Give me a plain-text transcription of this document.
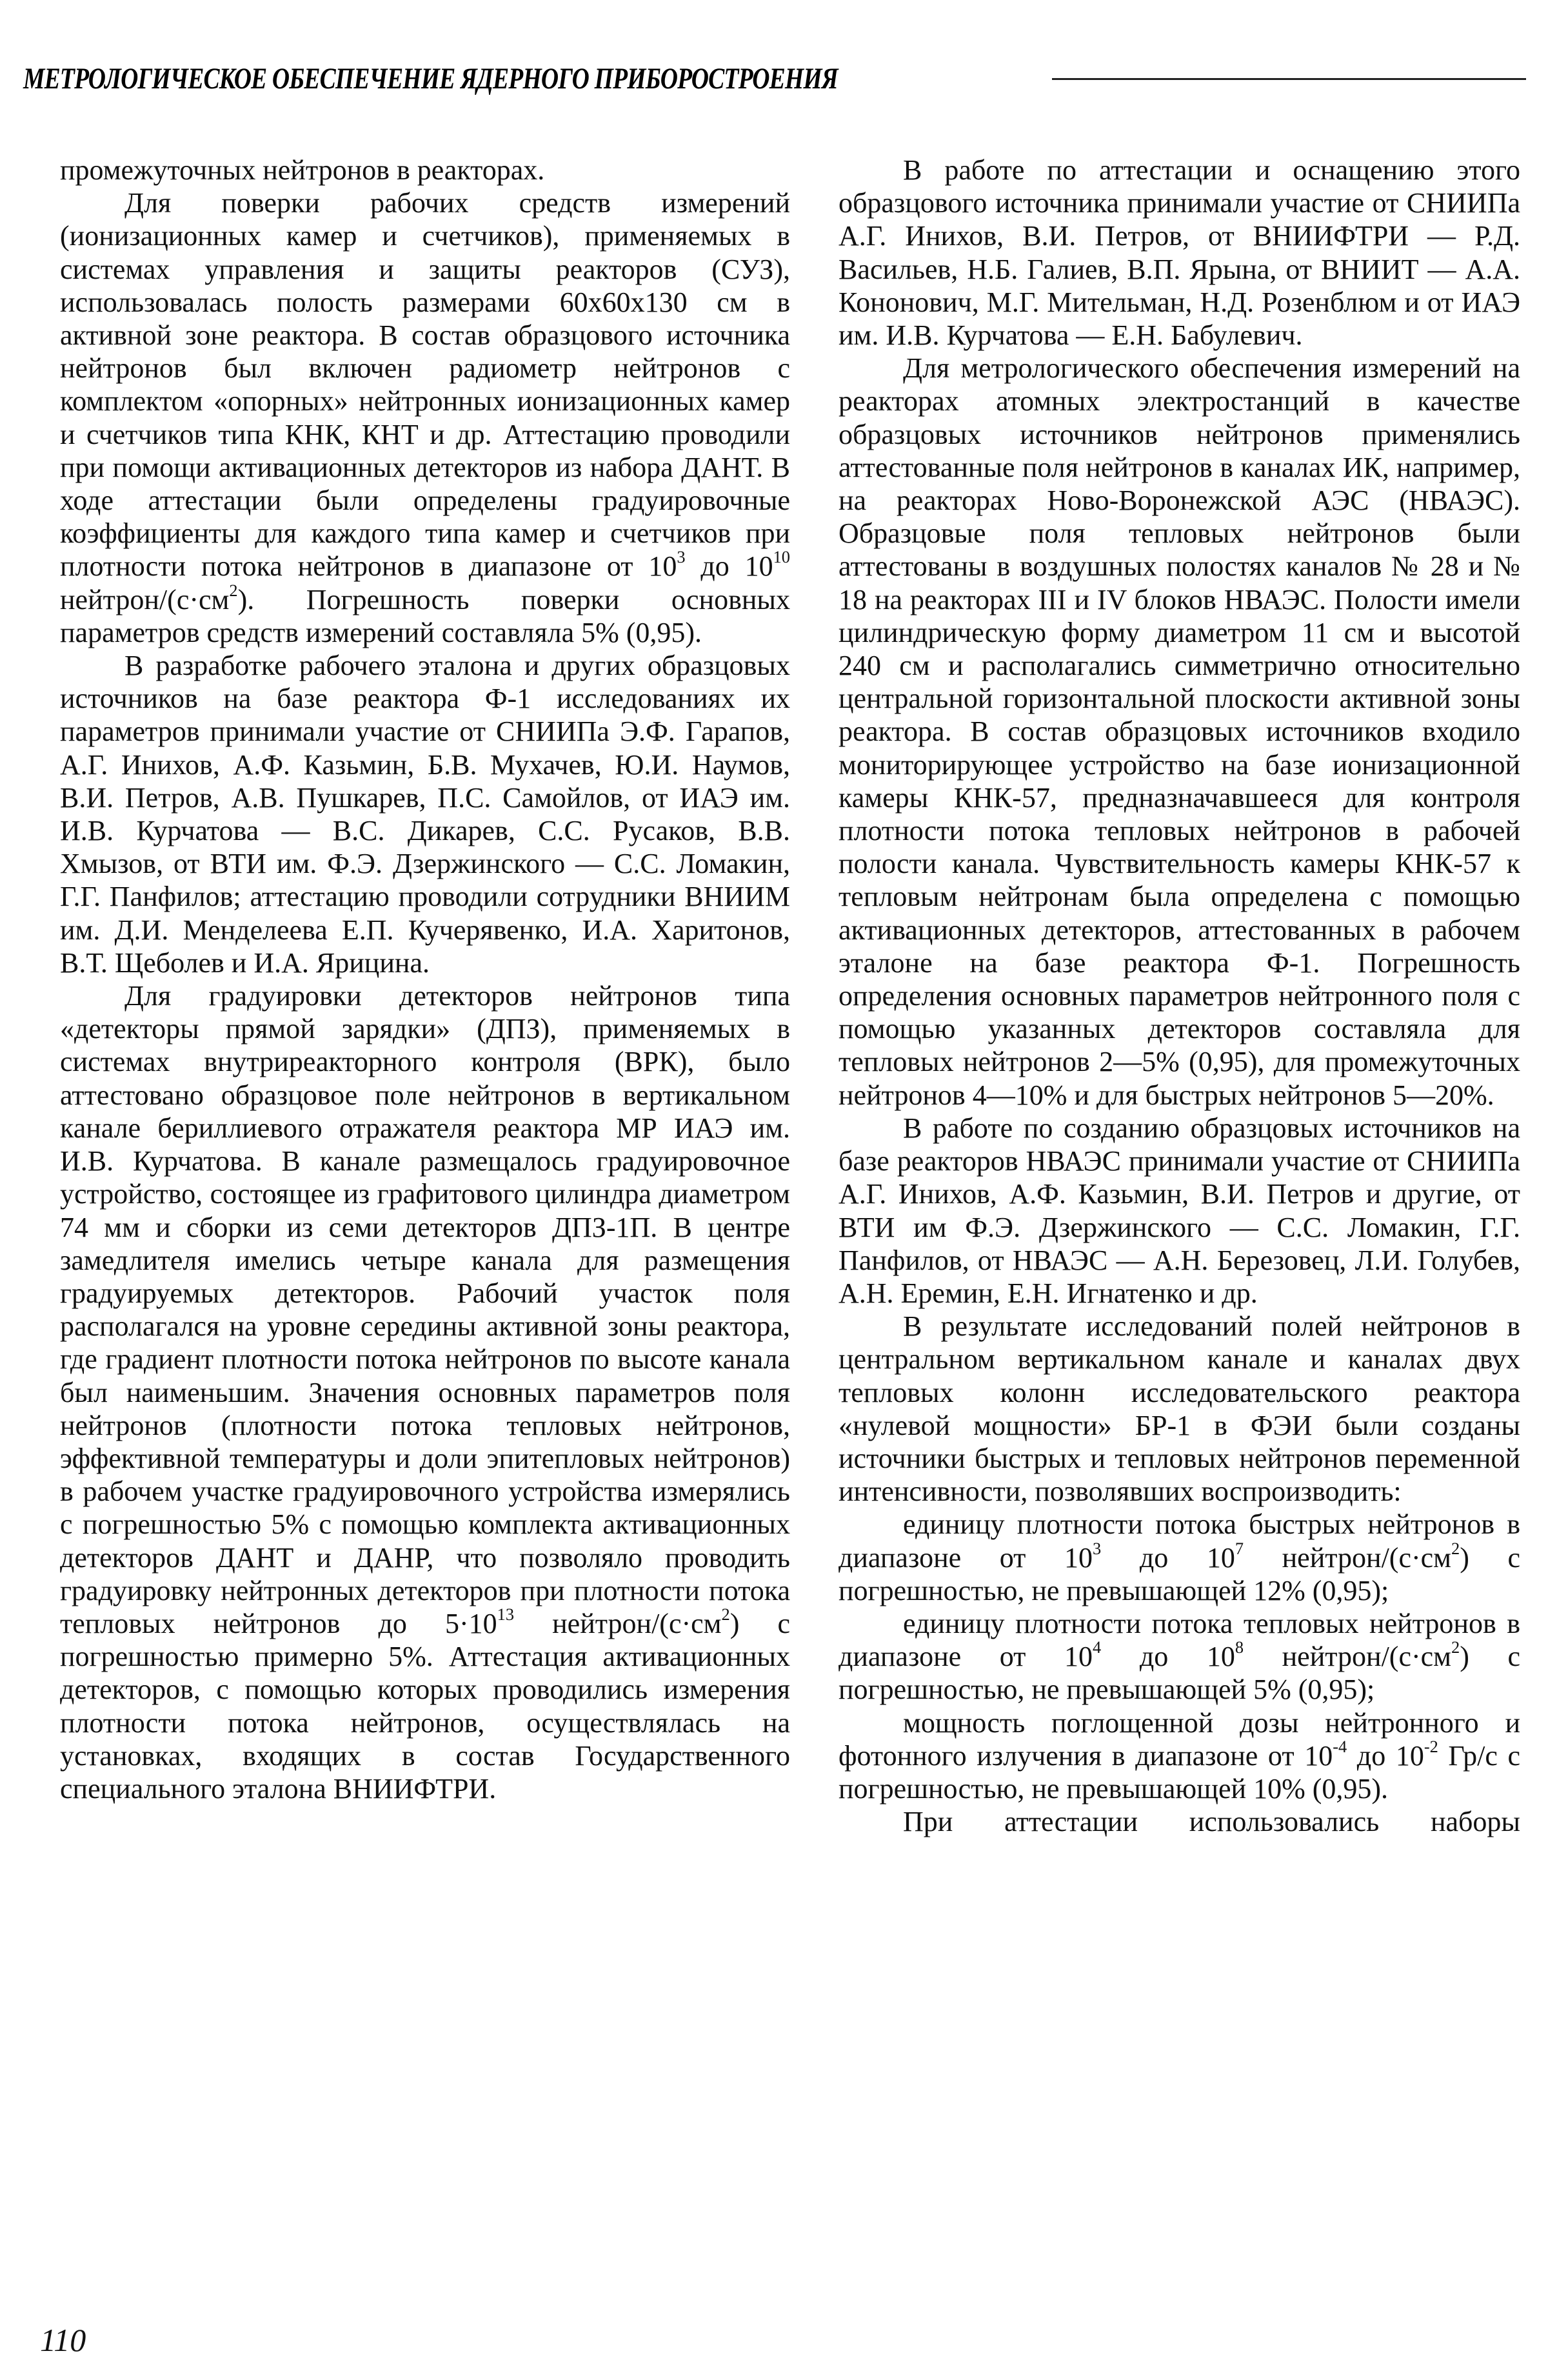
МЕТРОЛОГИЧЕСКОЕ ОБЕСПЕЧЕНИЕ ЯДЕРНОГО ПРИБОРОСТРОЕНИЯ

промежуточных нейтронов в реакторах.

Для поверки рабочих средств измерений (ионизационных камер и счетчиков), применяемых в системах управления и защиты реакторов (СУЗ), использовалась полость размерами 60х60х130 см в активной зоне реактора. В состав образцового источника нейтронов был включен радиометр нейтронов с комплектом «опорных» нейтронных ионизационных камер и счетчиков типа КНК, КНТ и др. Аттестацию проводили при помощи активационных детекторов из набора ДАНТ. В ходе аттестации были определены градуировочные коэффициенты для каждого типа камер и счетчиков при плотности потока нейтронов в диапазоне от $10^3$ до $10^{10}$ нейтрон/$(с\cdot см^2)$. Погрешность поверки основных параметров средств измерений составляла 5% (0,95).

В разработке рабочего эталона и других образцовых источников на базе реактора Ф-1 исследованиях их параметров принимали участие от СНИИПа Э.Ф. Гарапов, А.Г. Инихов, А.Ф. Казьмин, Б.В. Мухачев, Ю.И. Наумов, В.И. Петров, А.В. Пушкарев, П.С. Самойлов, от ИАЭ им. И.В. Курчатова — В.С. Дикарев, С.С. Русаков, В.В. Хмызов, от ВТИ им. Ф.Э. Дзержинского — С.С. Ломакин, Г.Г. Панфилов; аттестацию проводили сотрудники ВНИИМ им. Д.И. Менделеева Е.П. Кучерявенко, И.А. Харитонов, В.Т. Щеболев и И.А. Ярицина.

Для градуировки детекторов нейтронов типа «детекторы прямой зарядки» (ДПЗ), применяемых в системах внутриреакторного контроля (ВРК), было аттестовано образцовое поле нейтронов в вертикальном канале бериллиевого отражателя реактора МР ИАЭ им. И.В. Курчатова. В канале размещалось градуировочное устройство, состоящее из графитового цилиндра диаметром 74 мм и сборки из семи детекторов ДПЗ-1П. В центре замедлителя имелись четыре канала для размещения градуируемых детекторов. Рабочий участок поля располагался на уровне середины активной зоны реактора, где градиент плотности потока нейтронов по высоте канала был наименьшим. Значения основных параметров поля нейтронов (плотности потока тепловых нейтронов, эффективной температуры и доли эпитепловых нейтронов) в рабочем участке градуировочного устройства измерялись с погрешностью 5% с помощью комплекта активационных детекторов ДАНТ и ДАНР, что позволяло проводить градуировку нейтронных детекторов при плотности потока тепловых нейтронов до $5\cdot 10^{13}$ нейтрон/$(с\cdot см^2)$ с погрешностью примерно 5%. Аттестация активационных детекторов, с помощью которых проводились измерения плотности потока нейтронов, осуществлялась на установках, входящих в состав Государственного специального эталона ВНИИФТРИ.

В работе по аттестации и оснащению этого образцового источника принимали участие от СНИИПа А.Г. Инихов, В.И. Петров, от ВНИИФТРИ — Р.Д. Васильев, Н.Б. Галиев, В.П. Ярына, от ВНИИТ — А.А. Кононович, М.Г. Мительман, Н.Д. Розенблюм и от ИАЭ им. И.В. Курчатова — Е.Н. Бабулевич.

Для метрологического обеспечения измерений на реакторах атомных электростанций в качестве образцовых источников нейтронов применялись аттестованные поля нейтронов в каналах ИК, например, на реакторах Ново-Воронежской АЭС (НВАЭС). Образцовые поля тепловых нейтронов были аттестованы в воздушных полостях каналов № 28 и № 18 на реакторах III и IV блоков НВАЭС. Полости имели цилиндрическую форму диаметром 11 см и высотой 240 см и располагались симметрично относительно центральной горизонтальной плоскости активной зоны реактора. В состав образцовых источников входило мониторирующее устройство на базе ионизационной камеры КНК-57, предназначавшееся для контроля плотности потока тепловых нейтронов в рабочей полости канала. Чувствительность камеры КНК-57 к тепловым нейтронам была определена с помощью активационных детекторов, аттестованных в рабочем эталоне на базе реактора Ф-1. Погрешность определения основных параметров нейтронного поля с помощью указанных детекторов составляла для тепловых нейтронов 2—5% (0,95), для промежуточных нейтронов 4—10% и для быстрых нейтронов 5—20%.

В работе по созданию образцовых источников на базе реакторов НВАЭС принимали участие от СНИИПа А.Г. Инихов, А.Ф. Казьмин, В.И. Петров и другие, от ВТИ им Ф.Э. Дзержинского — С.С. Ломакин, Г.Г. Панфилов, от НВАЭС — А.Н. Березовец, Л.И. Голубев, А.Н. Еремин, Е.Н. Игнатенко и др.

В результате исследований полей нейтронов в центральном вертикальном канале и каналах двух тепловых колонн исследовательского реактора «нулевой мощности» БР-1 в ФЭИ были созданы источники быстрых и тепловых нейтронов переменной интенсивности, позволявших воспроизводить:

единицу плотности потока быстрых нейтронов в диапазоне от $10^3$ до $10^7$ нейтрон/$(с\cdot см^2)$ с погрешностью, не превышающей 12% (0,95);

единицу плотности потока тепловых нейтронов в диапазоне от $10^4$ до $10^8$ нейтрон/$(с\cdot см^2)$ с погрешностью, не превышающей 5% (0,95);

мощность поглощенной дозы нейтронного и фотонного излучения в диапазоне от $10^{-4}$ до $10^{-2}$ Гр/с с погрешностью, не превышающей 10% (0,95).

При аттестации использовались наборы

110
